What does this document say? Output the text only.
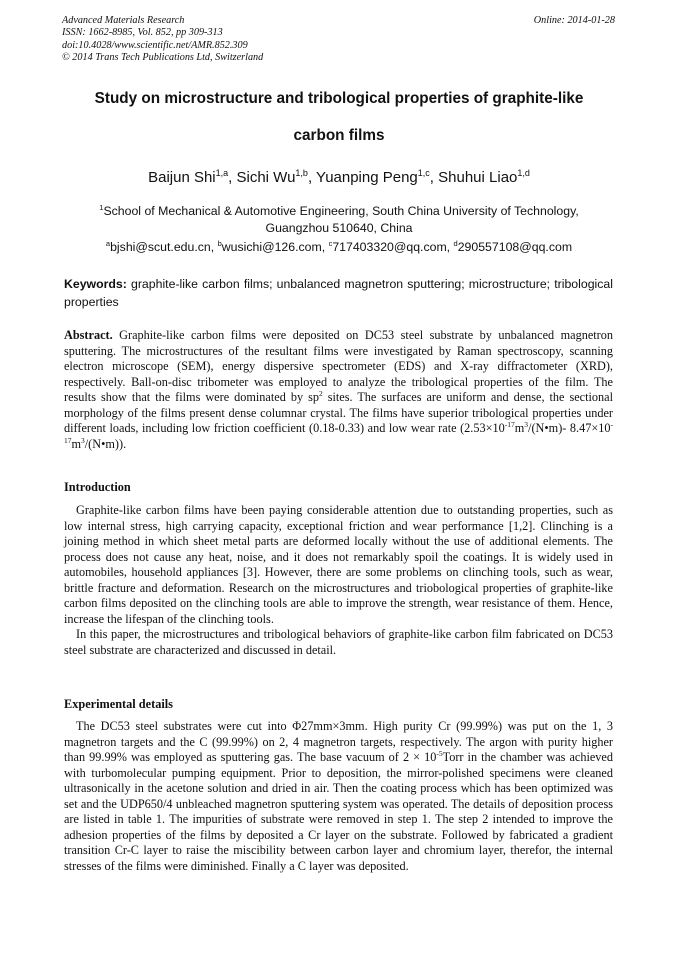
Advanced Materials Research
ISSN: 1662-8985, Vol. 852, pp 309-313
doi:10.4028/www.scientific.net/AMR.852.309
© 2014 Trans Tech Publications Ltd, Switzerland
Online: 2014-01-28
Study on microstructure and tribological properties of graphite-like
carbon films
Baijun Shi$^{1,a}$, Sichi Wu$^{1,b}$, Yuanping Peng$^{1,c}$, Shuhui Liao$^{1,d}$
$^1$School of Mechanical & Automotive Engineering, South China University of Technology,
Guangzhou 510640, China
$^a$bjshi@scut.edu.cn, $^b$wusichi@126.com, $^c$717403320@qq.com, $^d$290557108@qq.com
Keywords: graphite-like carbon films; unbalanced magnetron sputtering; microstructure; tribological properties
Abstract. Graphite-like carbon films were deposited on DC53 steel substrate by unbalanced magnetron sputtering. The microstructures of the resultant films were investigated by Raman spectroscopy, scanning electron microscope (SEM), energy dispersive spectrometer (EDS) and X-ray diffractometer (XRD), respectively. Ball-on-disc tribometer was employed to analyze the tribological properties of the film. The results show that the films were dominated by $sp^2$ sites. The surfaces are uniform and dense, the sectional morphology of the films present dense columnar crystal. The films have superior tribological properties under different loads, including low friction coefficient (0.18-0.33) and low wear rate ($2.53\times 10^{-17}m^3/(N•m)-$ $8.47\times 10^{-17}m^3/(N•m)$).
Introduction

Graphite-like carbon films have been paying considerable attention due to outstanding properties, such as low internal stress, high carrying capacity, exceptional friction and wear performance [1,2]. Clinching is a joining method in which sheet metal parts are deformed locally without the use of additional elements. The process does not cause any heat, noise, and it does not remarkably spoil the coatings. It is widely used in automobiles, household appliances [3]. However, there are some problems on clinching tools, such as wear, brittle fracture and deformation. Research on the microstructures and triobological properties of graphite-like carbon films deposited on the clinching tools are able to improve the strength, wear resistance of them. Hence, increase the lifespan of the clinching tools.

In this paper, the microstructures and tribological behaviors of graphite-like carbon film fabricated on DC53 steel substrate are characterized and discussed in detail.

Experimental details

The DC53 steel substrates were cut into Φ27mm×3mm. High purity Cr (99.99%) was put on the 1, 3 magnetron targets and the C (99.99%) on 2, 4 magnetron targets, respectively. The argon with purity higher than 99.99% was employed as sputtering gas. The base vacuum of $2 \times 10^{-5}Torr$ in the chamber was achieved with turbomolecular pumping equipment. Prior to deposition, the mirror-polished specimens were cleaned ultrasonically in the acetone solution and dried in air. Then the coating process which has been optimized was set and the UDP650/4 unbleached magnetron sputtering system was operated. The details of deposition process are listed in table 1. The impurities of substrate were removed in step 1. The step 2 intended to improve the adhesion properties of the films by deposited a Cr layer on the substrate. Followed by fabricated a gradient transition Cr-C layer to raise the miscibility between carbon layer and chromium layer, therefor, the internal stresses of the films were diminished. Finally a C layer was deposited.
